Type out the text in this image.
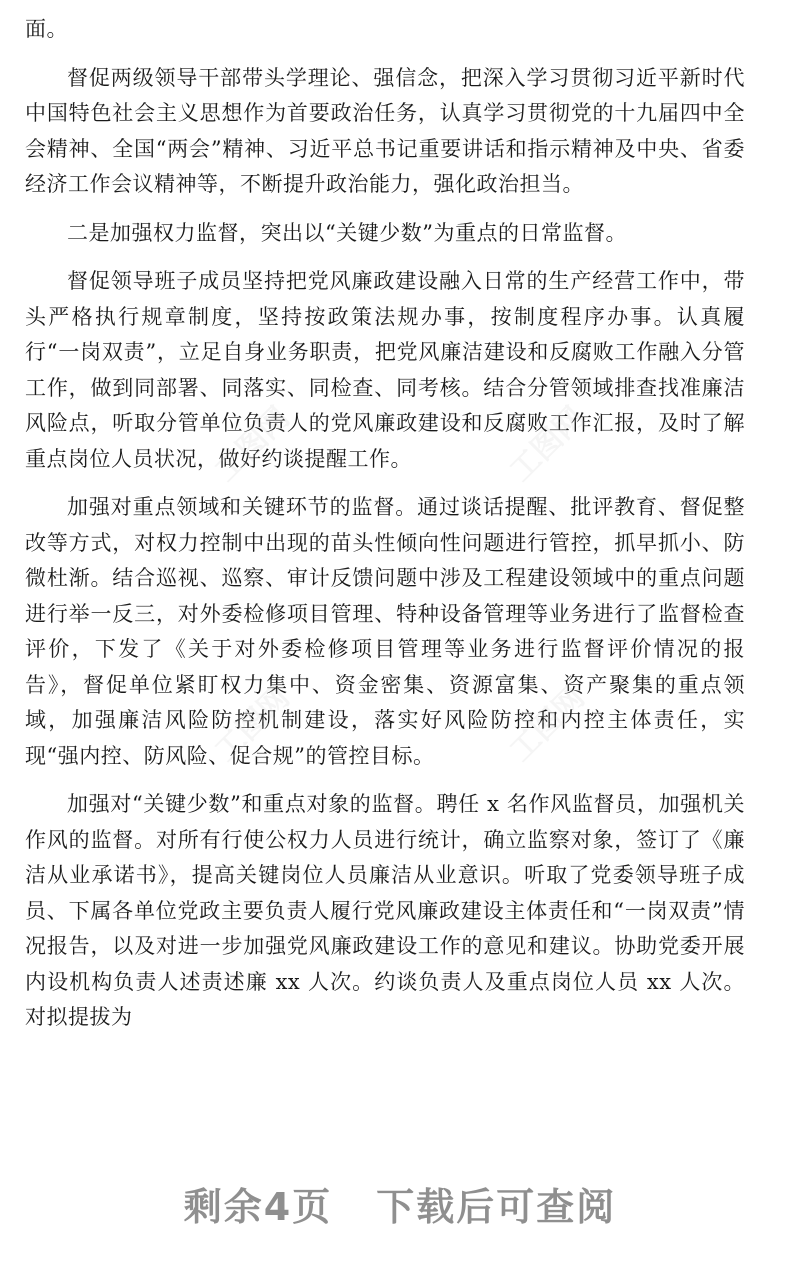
面。

督促两级领导干部带头学理论、强信念，把深入学习贯彻习近平新时代中国特色社会主义思想作为首要政治任务，认真学习贯彻党的十九届四中全会精神、全国“两会”精神、习近平总书记重要讲话和指示精神及中央、省委经济工作会议精神等，不断提升政治能力，强化政治担当。

二是加强权力监督，突出以“关键少数”为重点的日常监督。

督促领导班子成员坚持把党风廉政建设融入日常的生产经营工作中，带头严格执行规章制度，坚持按政策法规办事，按制度程序办事。认真履行“一岗双责”，立足自身业务职责，把党风廉洁建设和反腐败工作融入分管工作，做到同部署、同落实、同检查、同考核。结合分管领域排查找准廉洁风险点，听取分管单位负责人的党风廉政建设和反腐败工作汇报，及时了解重点岗位人员状况，做好约谈提醒工作。

加强对重点领域和关键环节的监督。通过谈话提醒、批评教育、督促整改等方式，对权力控制中出现的苗头性倾向性问题进行管控，抓早抓小、防微杜渐。结合巡视、巡察、审计反馈问题中涉及工程建设领域中的重点问题进行举一反三，对外委检修项目管理、特种设备管理等业务进行了监督检查评价，下发了《关于对外委检修项目管理等业务进行监督评价情况的报告》，督促单位紧盯权力集中、资金密集、资源富集、资产聚集的重点领域，加强廉洁风险防控机制建设，落实好风险防控和内控主体责任，实现“强内控、防风险、促合规”的管控目标。

加强对“关键少数”和重点对象的监督。聘任 x 名作风监督员，加强机关作风的监督。对所有行使公权力人员进行统计，确立监察对象，签订了《廉洁从业承诺书》，提高关键岗位人员廉洁从业意识。听取了党委领导班子成员、下属各单位党政主要负责人履行党风廉政建设主体责任和“一岗双责”情况报告，以及对进一步加强党风廉政建设工作的意见和建议。协助党委开展内设机构负责人述责述廉 xx 人次。约谈负责人及重点岗位人员 xx 人次。对拟提拔为

工图网	工图网
工图网	工图网
剩余4页 下载后可查阅
